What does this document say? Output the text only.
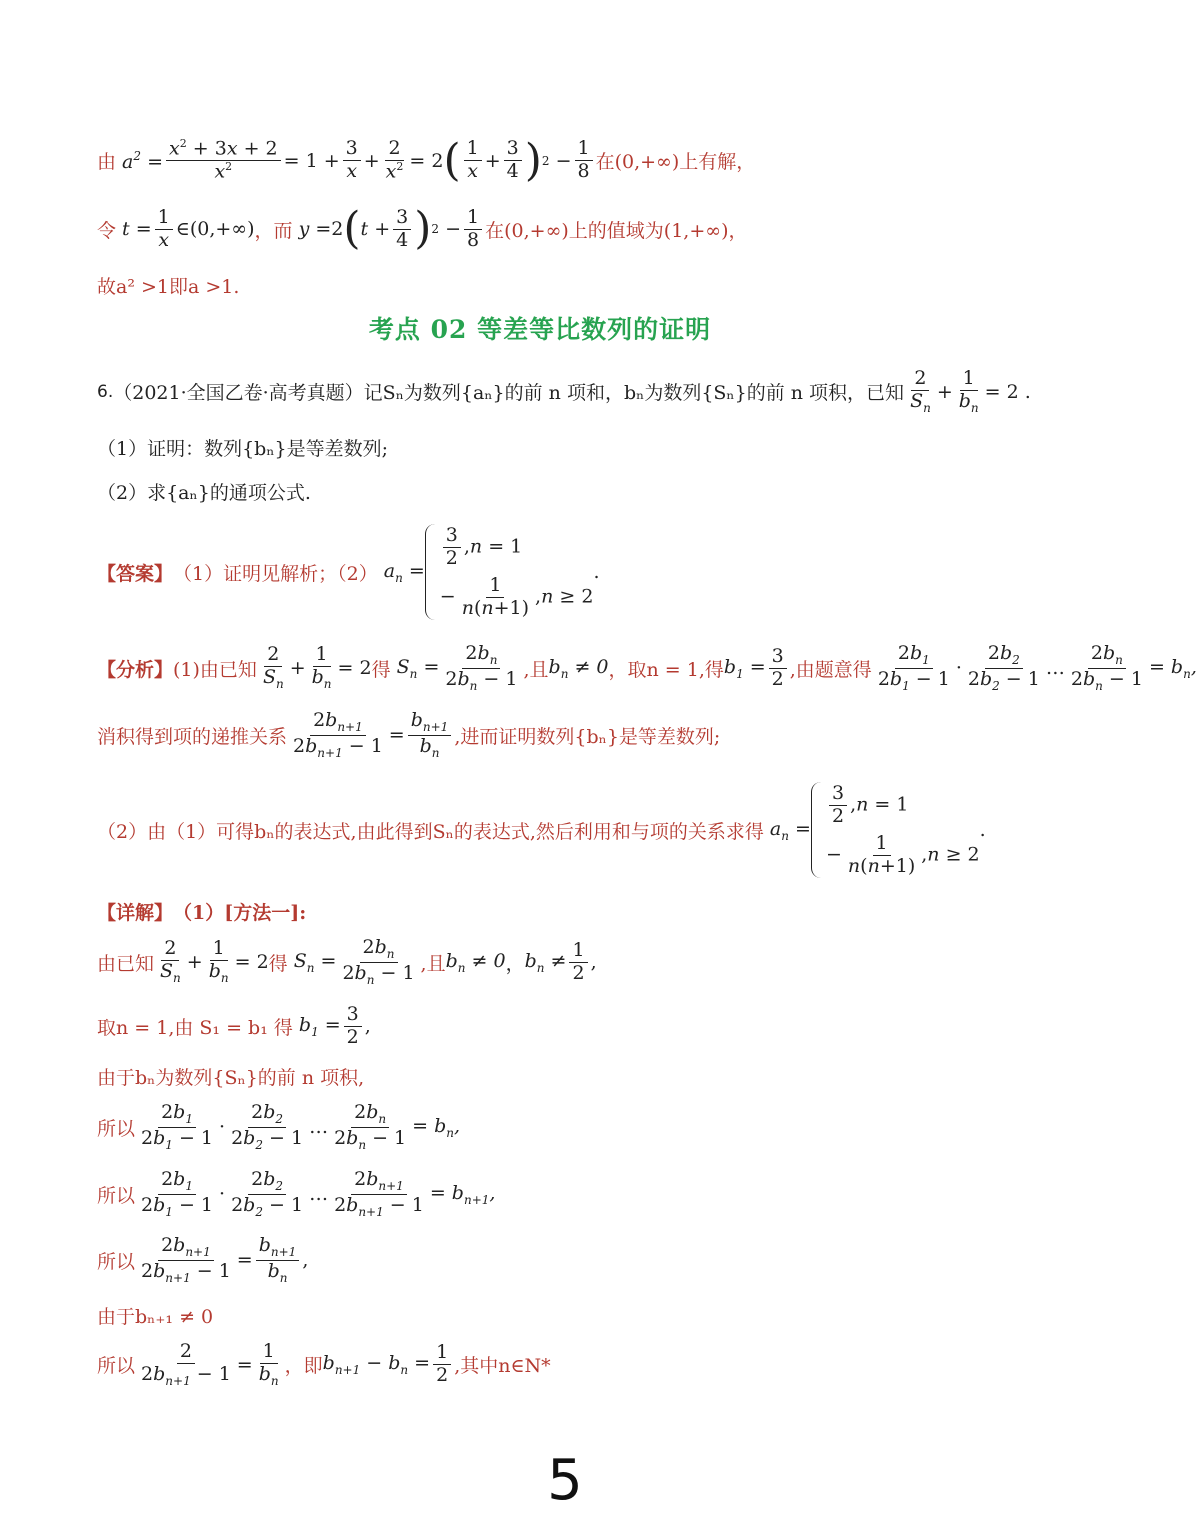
由 $a^2 = \frac{x^2 + 3x + 2}{x^2} = 1 + \frac{3}{x} + \frac{2}{x^2} = 2$ ( $\frac{1}{x} + \frac{3}{4}$ ) $2 - \frac{1}{8}$ 在(0,+∞)上有解，
令 $t = \frac{1}{x}$ ∈(0,+∞) ，而 y = 2 ( $t + \frac{3}{4}$ ) $2 - \frac{1}{8}$ 在(0,+∞)上的值域为(1,+∞)，
故a² >1即a >1.
考点 02 等差等比数列的证明
6. （2021·全国乙卷·高考真题） 记Sₙ为数列{aₙ}的前 n 项和，bₙ为数列{Sₙ}的前 n 项积，已知 $\frac{2}{S_n} + \frac{1}{b_n} = 2$ .
（1）证明：数列{bₙ}是等差数列;
（2）求{aₙ}的通项公式.
【答案】 （1）证明见解析；（2） $a_n$ =
$\frac{3}{2} ,n = 1$
− $\frac{1}{n(n+1)} ,n \ge 2$
.
【分析】 (1)由已知 $\frac{2}{S_n} + \frac{1}{b_n} = 2$ 得 $S_n = \frac{2b_n}{2b_n - 1}$ ,且 $b_n \ne 0$ ，取n = 1,得 $b_1 = \frac{3}{2}$ ,由题意得 $\frac{2b_1}{2b_1 - 1} \cdot \frac{2b_2}{2b_2 - 1}$ … $\frac{2b_n}{2b_n - 1} = b_n$,
消积得到项的递推关系 $\frac{2b_{n+1}}{2b_{n+1} - 1} = \frac{b_{n+1}}{b_n}$ ,进而证明数列{bₙ}是等差数列;
（2）由（1）可得bₙ的表达式,由此得到Sₙ的表达式,然后利用和与项的关系求得 $a_n$ =
$\frac{3}{2} ,n = 1$
− $\frac{1}{n(n+1)} ,n \ge 2$
.
【详解】 （1）[方法一]:
由已知 $\frac{2}{S_n} + \frac{1}{b_n} = 2$ 得 $S_n = \frac{2b_n}{2b_n - 1}$ ,且 $b_n \ne 0$ ， $b_n \ne \frac{1}{2}$ ,
取n = 1,由 S₁ = b₁ 得 $b_1 = \frac{3}{2}$ ,
由于bₙ为数列{Sₙ}的前 n 项积,
所以 $\frac{2b_1}{2b_1 - 1} \cdot \frac{2b_2}{2b_2 - 1}$ … $\frac{2b_n}{2b_n - 1} = b_n$,
所以 $\frac{2b_1}{2b_1 - 1} \cdot \frac{2b_2}{2b_2 - 1}$ … $\frac{2b_{n+1}}{2b_{n+1} - 1} = b_{n+1}$,
所以 $\frac{2b_{n+1}}{2b_{n+1} - 1} = \frac{b_{n+1}}{b_n}$ ,
由于bₙ₊₁ ≠ 0
所以 $\frac{2}{2b_{n+1} - 1} = \frac{1}{b_n}$ ，即 $b_{n+1} - b_n = \frac{1}{2}$ ,其中n∈N*
5
